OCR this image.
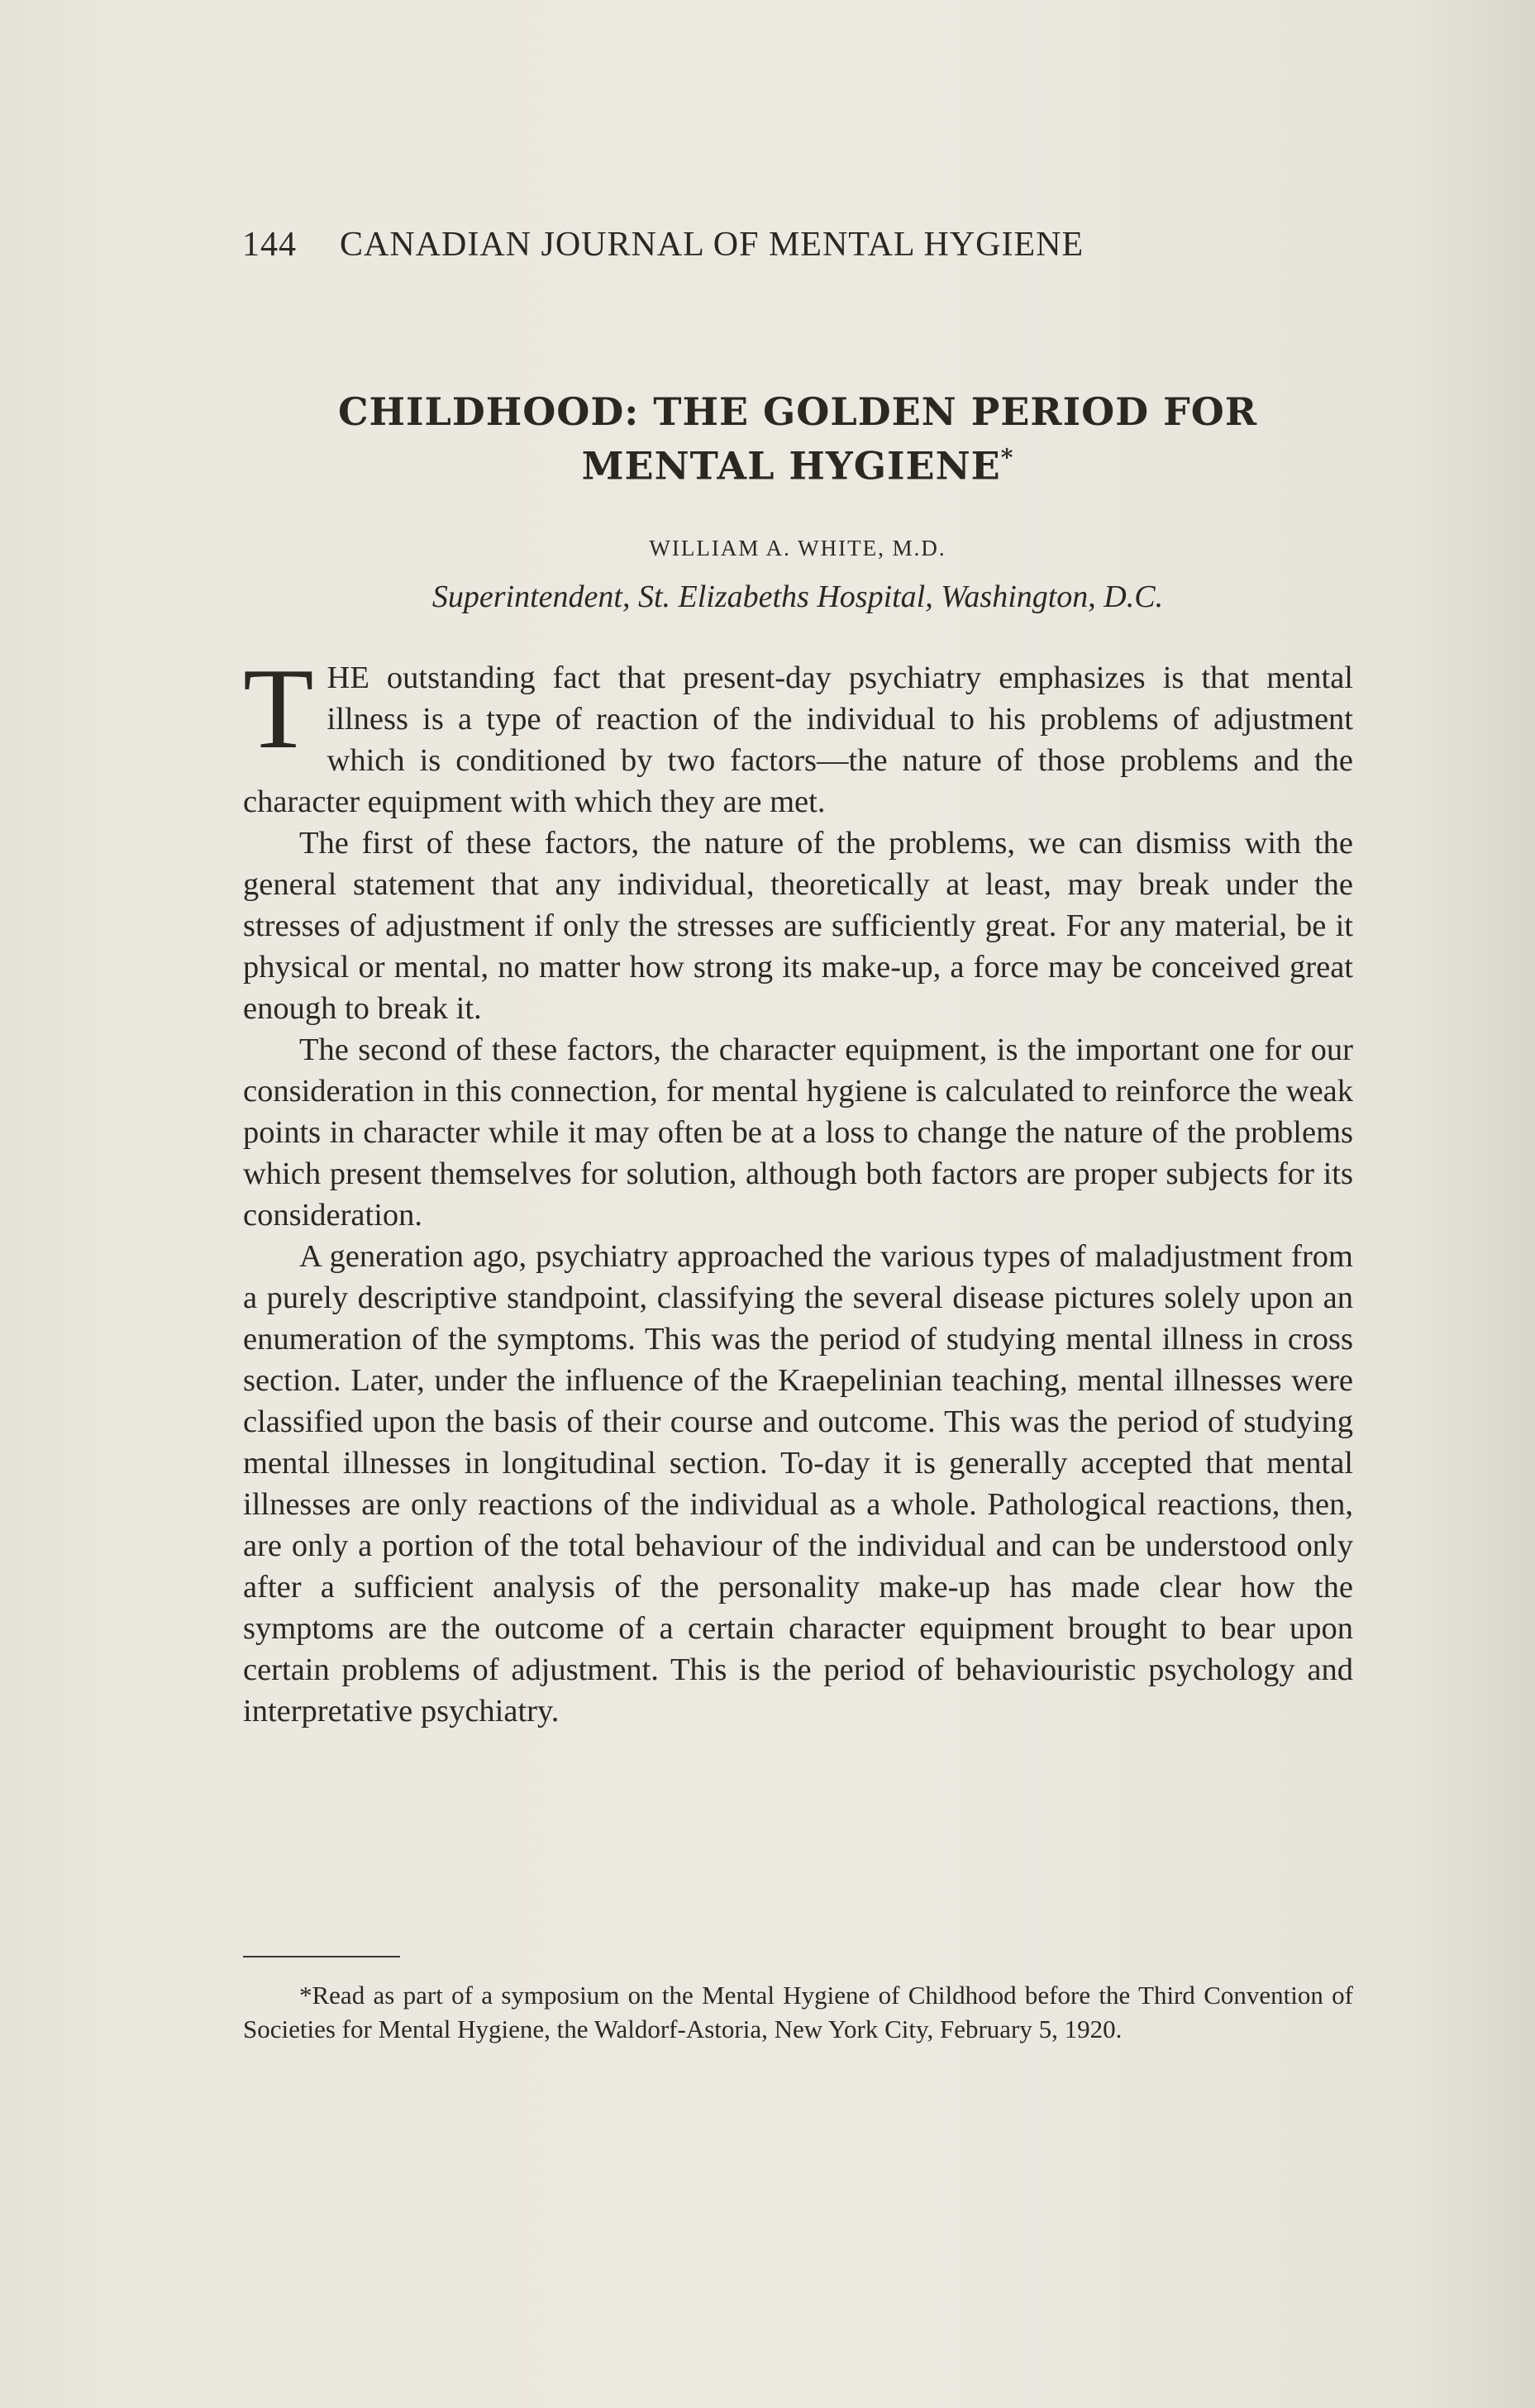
144 CANADIAN JOURNAL OF MENTAL HYGIENE
CHILDHOOD: THE GOLDEN PERIOD FOR MENTAL HYGIENE*
WILLIAM A. WHITE, M.D.
Superintendent, St. Elizabeths Hospital, Washington, D.C.

THE outstanding fact that present-day psychiatry emphasizes is that mental illness is a type of reaction of the individual to his problems of adjustment which is conditioned by two factors—the nature of those problems and the character equipment with which they are met.

The first of these factors, the nature of the problems, we can dismiss with the general statement that any individual, theoretically at least, may break under the stresses of adjustment if only the stresses are sufficiently great. For any material, be it physical or mental, no matter how strong its make-up, a force may be conceived great enough to break it.

The second of these factors, the character equipment, is the important one for our consideration in this connection, for mental hygiene is calculated to reinforce the weak points in character while it may often be at a loss to change the nature of the problems which present themselves for solution, although both factors are proper subjects for its consideration.

A generation ago, psychiatry approached the various types of maladjustment from a purely descriptive standpoint, classifying the several disease pictures solely upon an enumeration of the symptoms. This was the period of studying mental illness in cross section. Later, under the influence of the Kraepelinian teaching, mental illnesses were classified upon the basis of their course and outcome. This was the period of studying mental illnesses in longitudinal section. To-day it is generally accepted that mental illnesses are only reactions of the individual as a whole. Pathological reactions, then, are only a portion of the total behaviour of the individual and can be understood only after a sufficient analysis of the personality make-up has made clear how the symptoms are the outcome of a certain character equipment brought to bear upon certain problems of adjustment. This is the period of behaviouristic psychology and interpretative psychiatry.

*Read as part of a symposium on the Mental Hygiene of Childhood before the Third Convention of Societies for Mental Hygiene, the Waldorf-Astoria, New York City, February 5, 1920.
